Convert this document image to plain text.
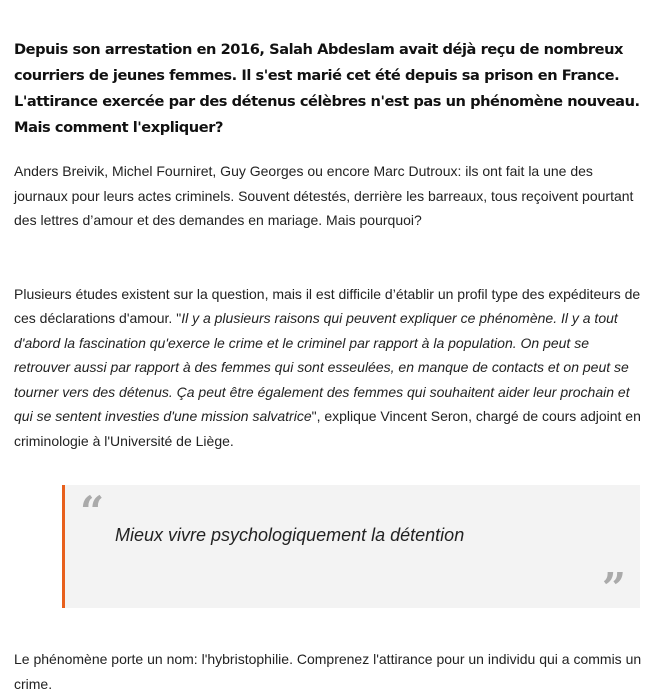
Depuis son arrestation en 2016, Salah Abdeslam avait déjà reçu de nombreux courriers de jeunes femmes. Il s'est marié cet été depuis sa prison en France. L'attirance exercée par des détenus célèbres n'est pas un phénomène nouveau. Mais comment l'expliquer?

Anders Breivik, Michel Fourniret, Guy Georges ou encore Marc Dutroux: ils ont fait la une des journaux pour leurs actes criminels. Souvent détestés, derrière les barreaux, tous reçoivent pourtant des lettres d’amour et des demandes en mariage. Mais pourquoi?

Plusieurs études existent sur la question, mais il est difficile d’établir un profil type des expéditeurs de ces déclarations d'amour. "Il y a plusieurs raisons qui peuvent expliquer ce phénomène. Il y a tout d'abord la fascination qu'exerce le crime et le criminel par rapport à la population. On peut se retrouver aussi par rapport à des femmes qui sont esseulées, en manque de contacts et on peut se tourner vers des détenus. Ça peut être également des femmes qui souhaitent aider leur prochain et qui se sentent investies d'une mission salvatrice", explique Vincent Seron, chargé de cours adjoint en criminologie à l'Université de Liège.

“ Mieux vivre psychologiquement la détention

”

Le phénomène porte un nom: l'hybristophilie. Comprenez l'attirance pour un individu qui a commis un crime.
